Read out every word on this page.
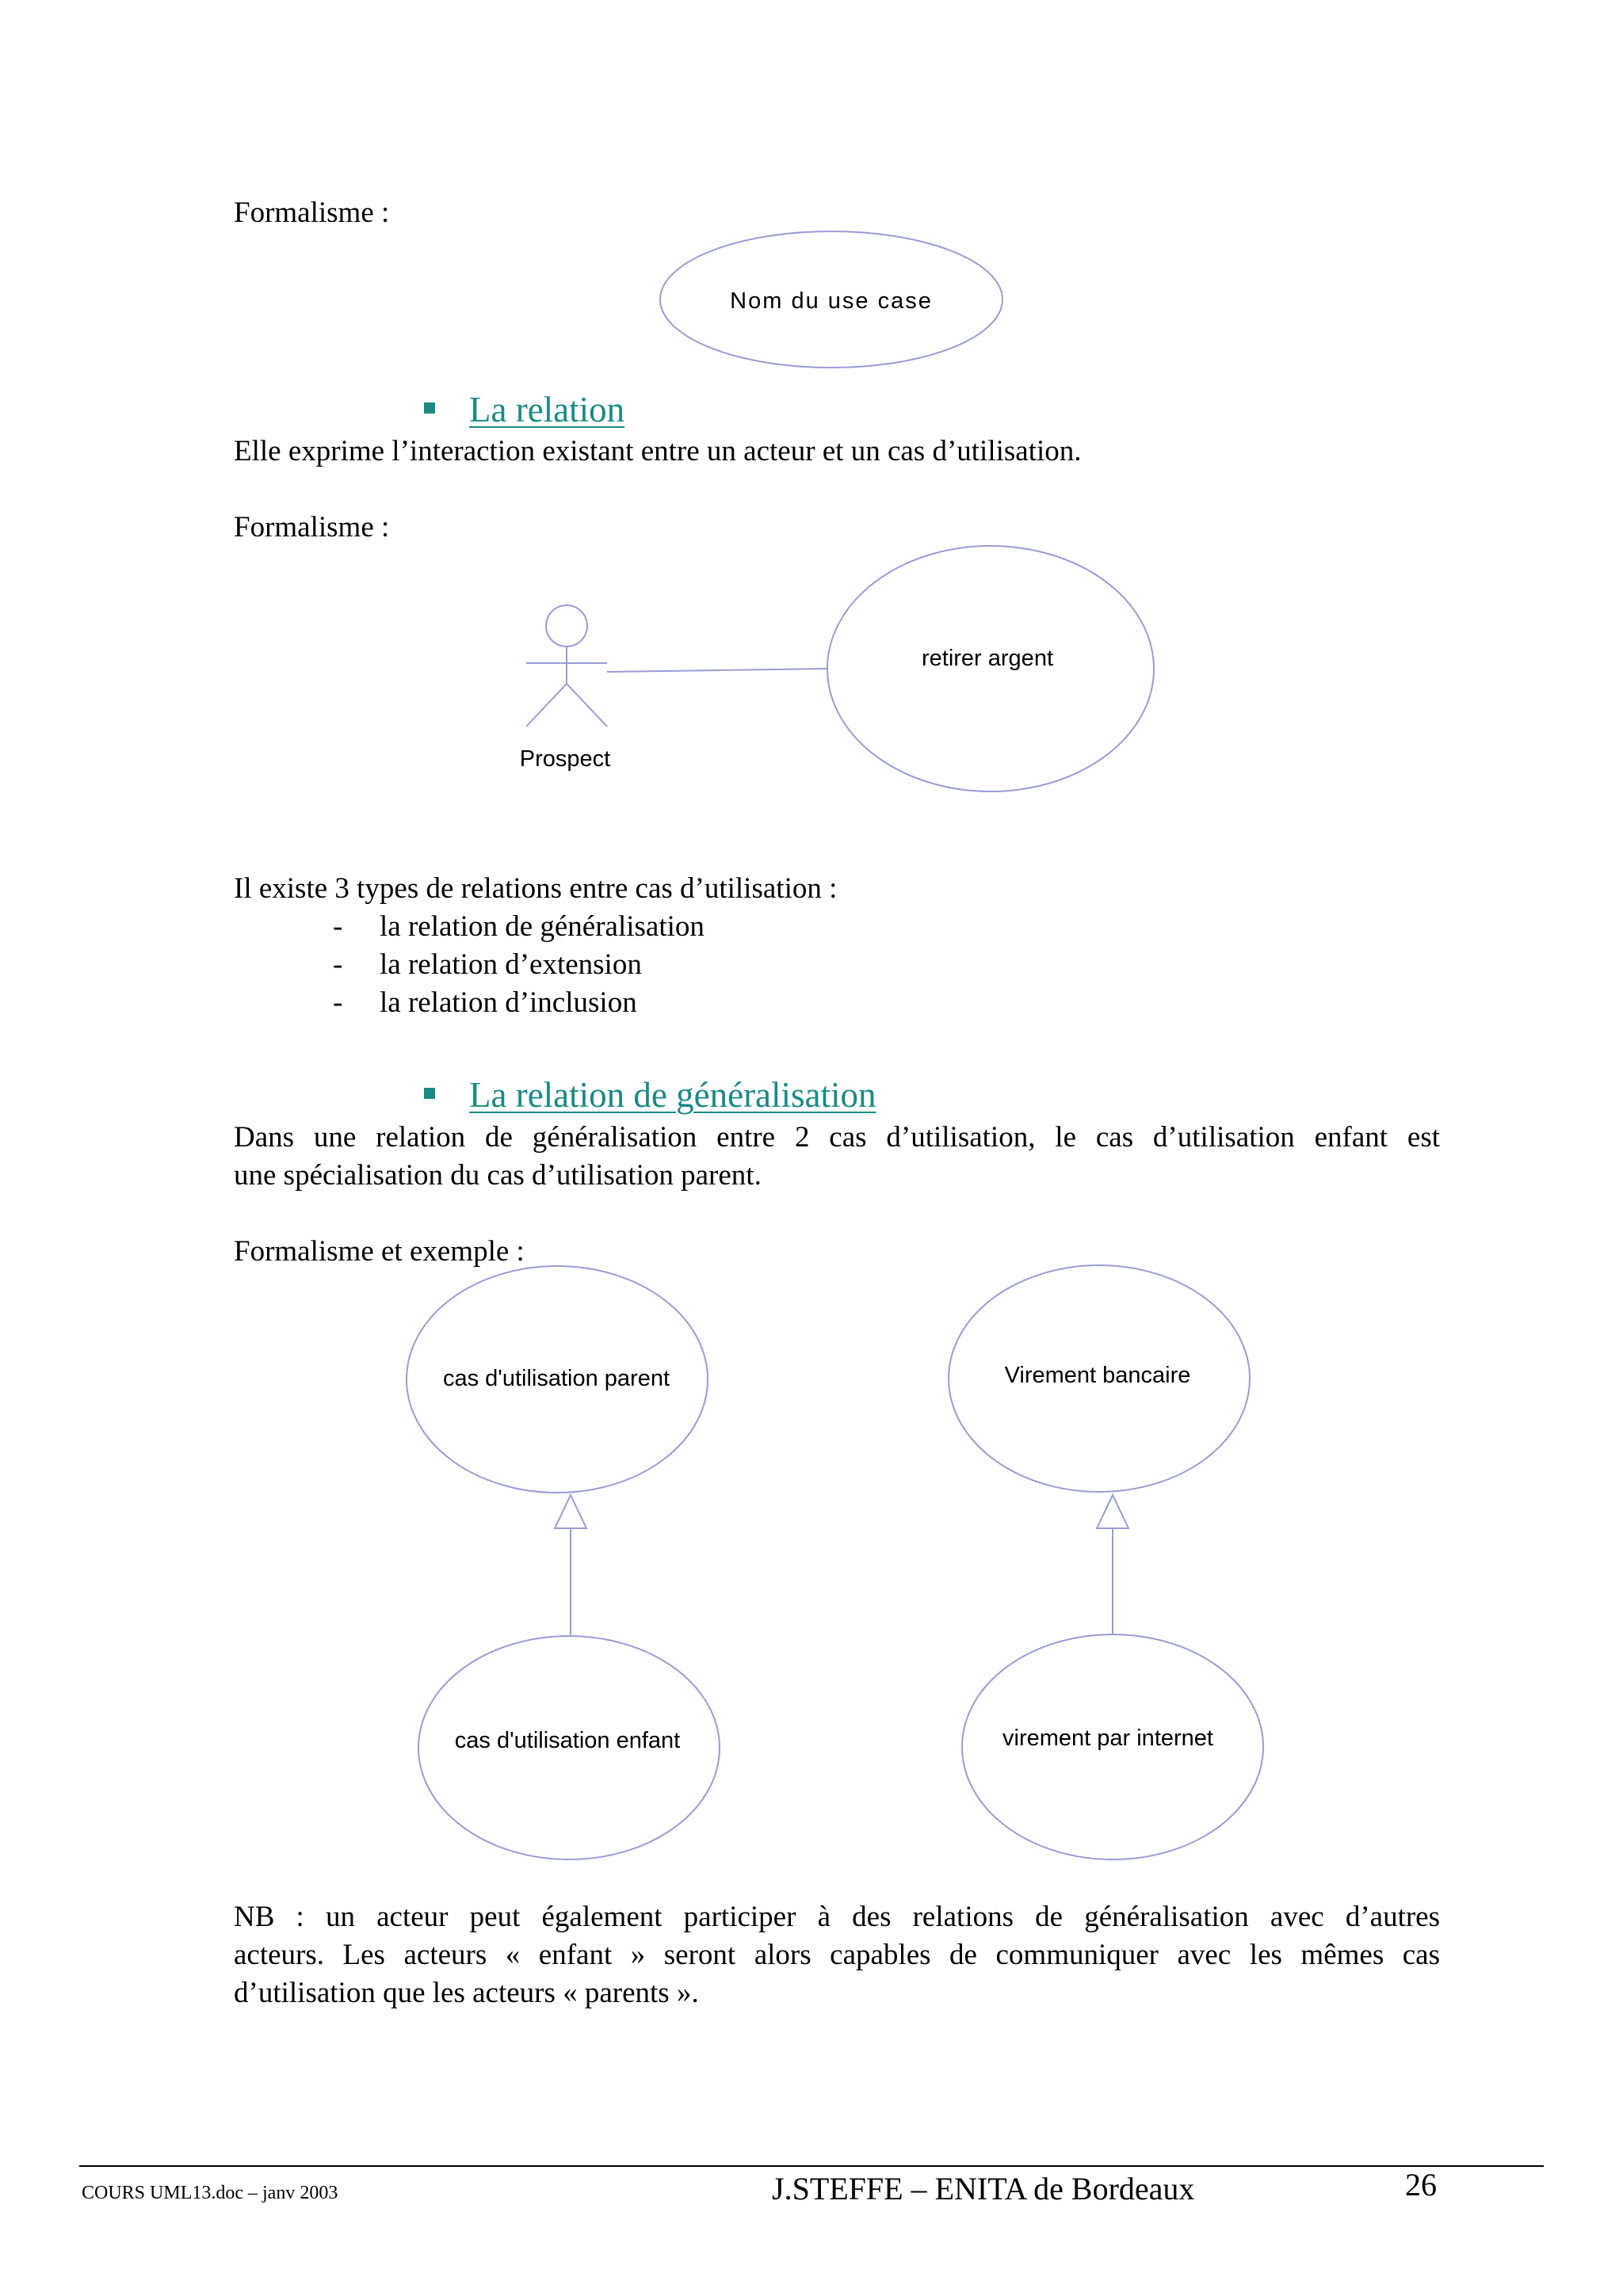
Formalisme :
Nom du use case
La relation
Elle exprime l’interaction existant entre un acteur et un cas d’utilisation.
Formalisme :
retirer argent
Prospect
Il existe 3 types de relations entre cas d’utilisation :
- la relation de généralisation
- la relation d’extension
- la relation d’inclusion
La relation de généralisation
Dans une relation de généralisation entre 2 cas d’utilisation, le cas d’utilisation enfant est
une spécialisation du cas d’utilisation parent.
Formalisme et exemple :
cas d'utilisation parent
cas d'utilisation enfant
Virement bancaire
virement par internet
NB : un acteur peut également participer à des relations de généralisation avec d’autres
acteurs. Les acteurs « enfant » seront alors capables de communiquer avec les mêmes cas
d’utilisation que les acteurs « parents ».
COURS UML13.doc – janv 2003	J.STEFFE – ENITA de Bordeaux	26
